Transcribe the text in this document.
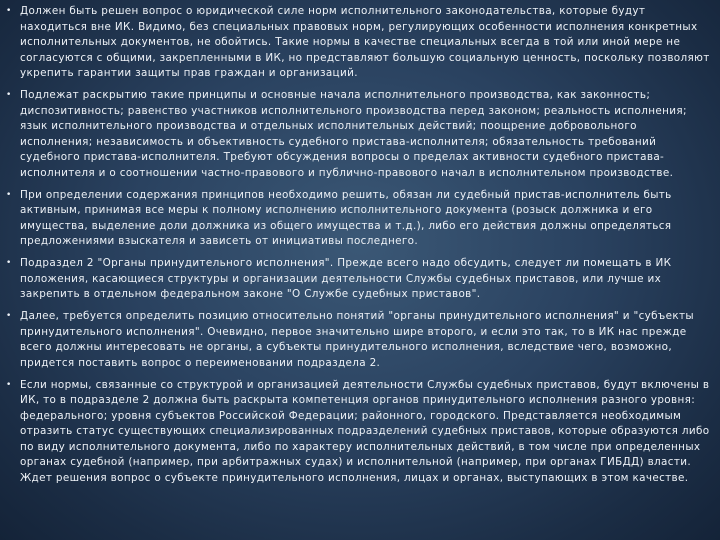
• Должен быть решен вопрос о юридической силе норм исполнительного законодательства, которые будут находиться вне ИК. Видимо, без специальных правовых норм, регулирующих особенности исполнения конкретных исполнительных документов, не обойтись. Такие нормы в качестве специальных всегда в той или иной мере не согласуются с общими, закрепленными в ИК, но представляют большую социальную ценность, поскольку позволяют укрепить гарантии защиты прав граждан и организаций.
• Подлежат раскрытию такие принципы и основные начала исполнительного производства, как законность; диспозитивность; равенство участников исполнительного производства перед законом; реальность исполнения; язык исполнительного производства и отдельных исполнительных действий; поощрение добровольного исполнения; независимость и объективность судебного пристава-исполнителя; обязательность требований судебного пристава-исполнителя. Требуют обсуждения вопросы о пределах активности судебного пристава-исполнителя и о соотношении частно-правового и публично-правового начал в исполнительном производстве.
• При определении содержания принципов необходимо решить, обязан ли судебный пристав-исполнитель быть активным, принимая все меры к полному исполнению исполнительного документа (розыск должника и его имущества, выделение доли должника из общего имущества и т.д.), либо его действия должны определяться предложениями взыскателя и зависеть от инициативы последнего.
• Подраздел 2 "Органы принудительного исполнения". Прежде всего надо обсудить, следует ли помещать в ИК положения, касающиеся структуры и организации деятельности Службы судебных приставов, или лучше их закрепить в отдельном федеральном законе "О Службе судебных приставов".
• Далее, требуется определить позицию относительно понятий "органы принудительного исполнения" и "субъекты принудительного исполнения". Очевидно, первое значительно шире второго, и если это так, то в ИК нас прежде всего должны интересовать не органы, а субъекты принудительного исполнения, вследствие чего, возможно, придется поставить вопрос о переименовании подраздела 2.
• Если нормы, связанные со структурой и организацией деятельности Службы судебных приставов, будут включены в ИК, то в подразделе 2 должна быть раскрыта компетенция органов принудительного исполнения разного уровня: федерального; уровня субъектов Российской Федерации; районного, городского. Представляется необходимым отразить статус существующих специализированных подразделений судебных приставов, которые образуются либо по виду исполнительного документа, либо по характеру исполнительных действий, в том числе при определенных органах судебной (например, при арбитражных судах) и исполнительной (например, при органах ГИБДД) власти. Ждет решения вопрос о субъекте принудительного исполнения, лицах и органах, выступающих в этом качестве.
